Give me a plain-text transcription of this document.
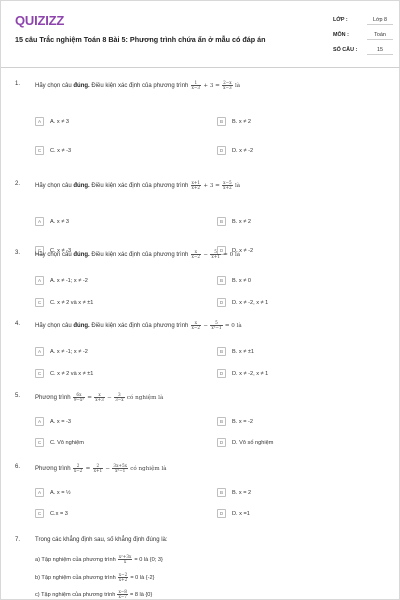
QUIZIZZ
15 câu Trắc nghiệm Toán 8 Bài 5: Phương trình chứa ẩn ở mẫu có đáp án
LỚP :	Lớp 8
MÔN :	Toán
SỐ CÂU :	15
1. Hãy chọn câu đúng. Điều kiện xác định của phương trình $\frac{1}{x-3} + 3 = \frac{2-x}{x-3}$ là
A	A. x ≠ 3	B	B. x ≠ 2
C	C. x ≠ -3	D	D. x ≠ -2
2. Hãy chọn câu đúng. Điều kiện xác định của phương trình $\frac{x+1}{x+2} + 3 = \frac{x-5}{x+2}$ là
A	A. x ≠ 3	B	B. x ≠ 2
C	C. x ≠ -3	D	D. x ≠ -2
3. Hãy chọn câu đúng. Điều kiện xác định của phương trình $\frac{x}{x-2} - \frac{5}{x+1} = 0$ là
A	A. x ≠ -1; x ≠ -2	B	B. x ≠ 0
C	C. x ≠ 2 và x ≠ ±1	D	D. x ≠ -2, x ≠ 1
4. Hãy chọn câu đúng. Điều kiện xác định của phương trình $\frac{x}{x-2} - \frac{5}{\text{x²−1}} = 0$ là
A	A. x ≠ -1; x ≠ -2	B	B. x ≠ ±1
C	C. x ≠ 2 và x ≠ ±1	D	D. x ≠ -2, x ≠ 1
5. Phương trình $\frac{6x}{\text{9−x²}} = \frac{x}{x+3} - \frac{3}{3-x}$ có nghiệm là
A	A. x = -3	B	B. x = -2
C	C. Vô nghiệm	D	D. Vô số nghiệm
6. Phương trình $\frac{2}{x-2} = \frac{2}{x+1} - \frac{3x+5x}{\text{x²−1}}$ có nghiệm là
A	A. x = ½	B	B. x = 2
C	C.x = 3	D	D. x =1
7. Trong các khẳng định sau, số khẳng định đúng là:
a) Tập nghiệm của phương trình $\frac{\text{x²+3x}}{x} = 0$ là {0; 3}
b) Tập nghiệm của phương trình $\frac{x-2}{x+2} = 0$ là {-2}
c) Tập nghiệm của phương trình $\frac{x-8}{x-7} = 8$ là {0}
